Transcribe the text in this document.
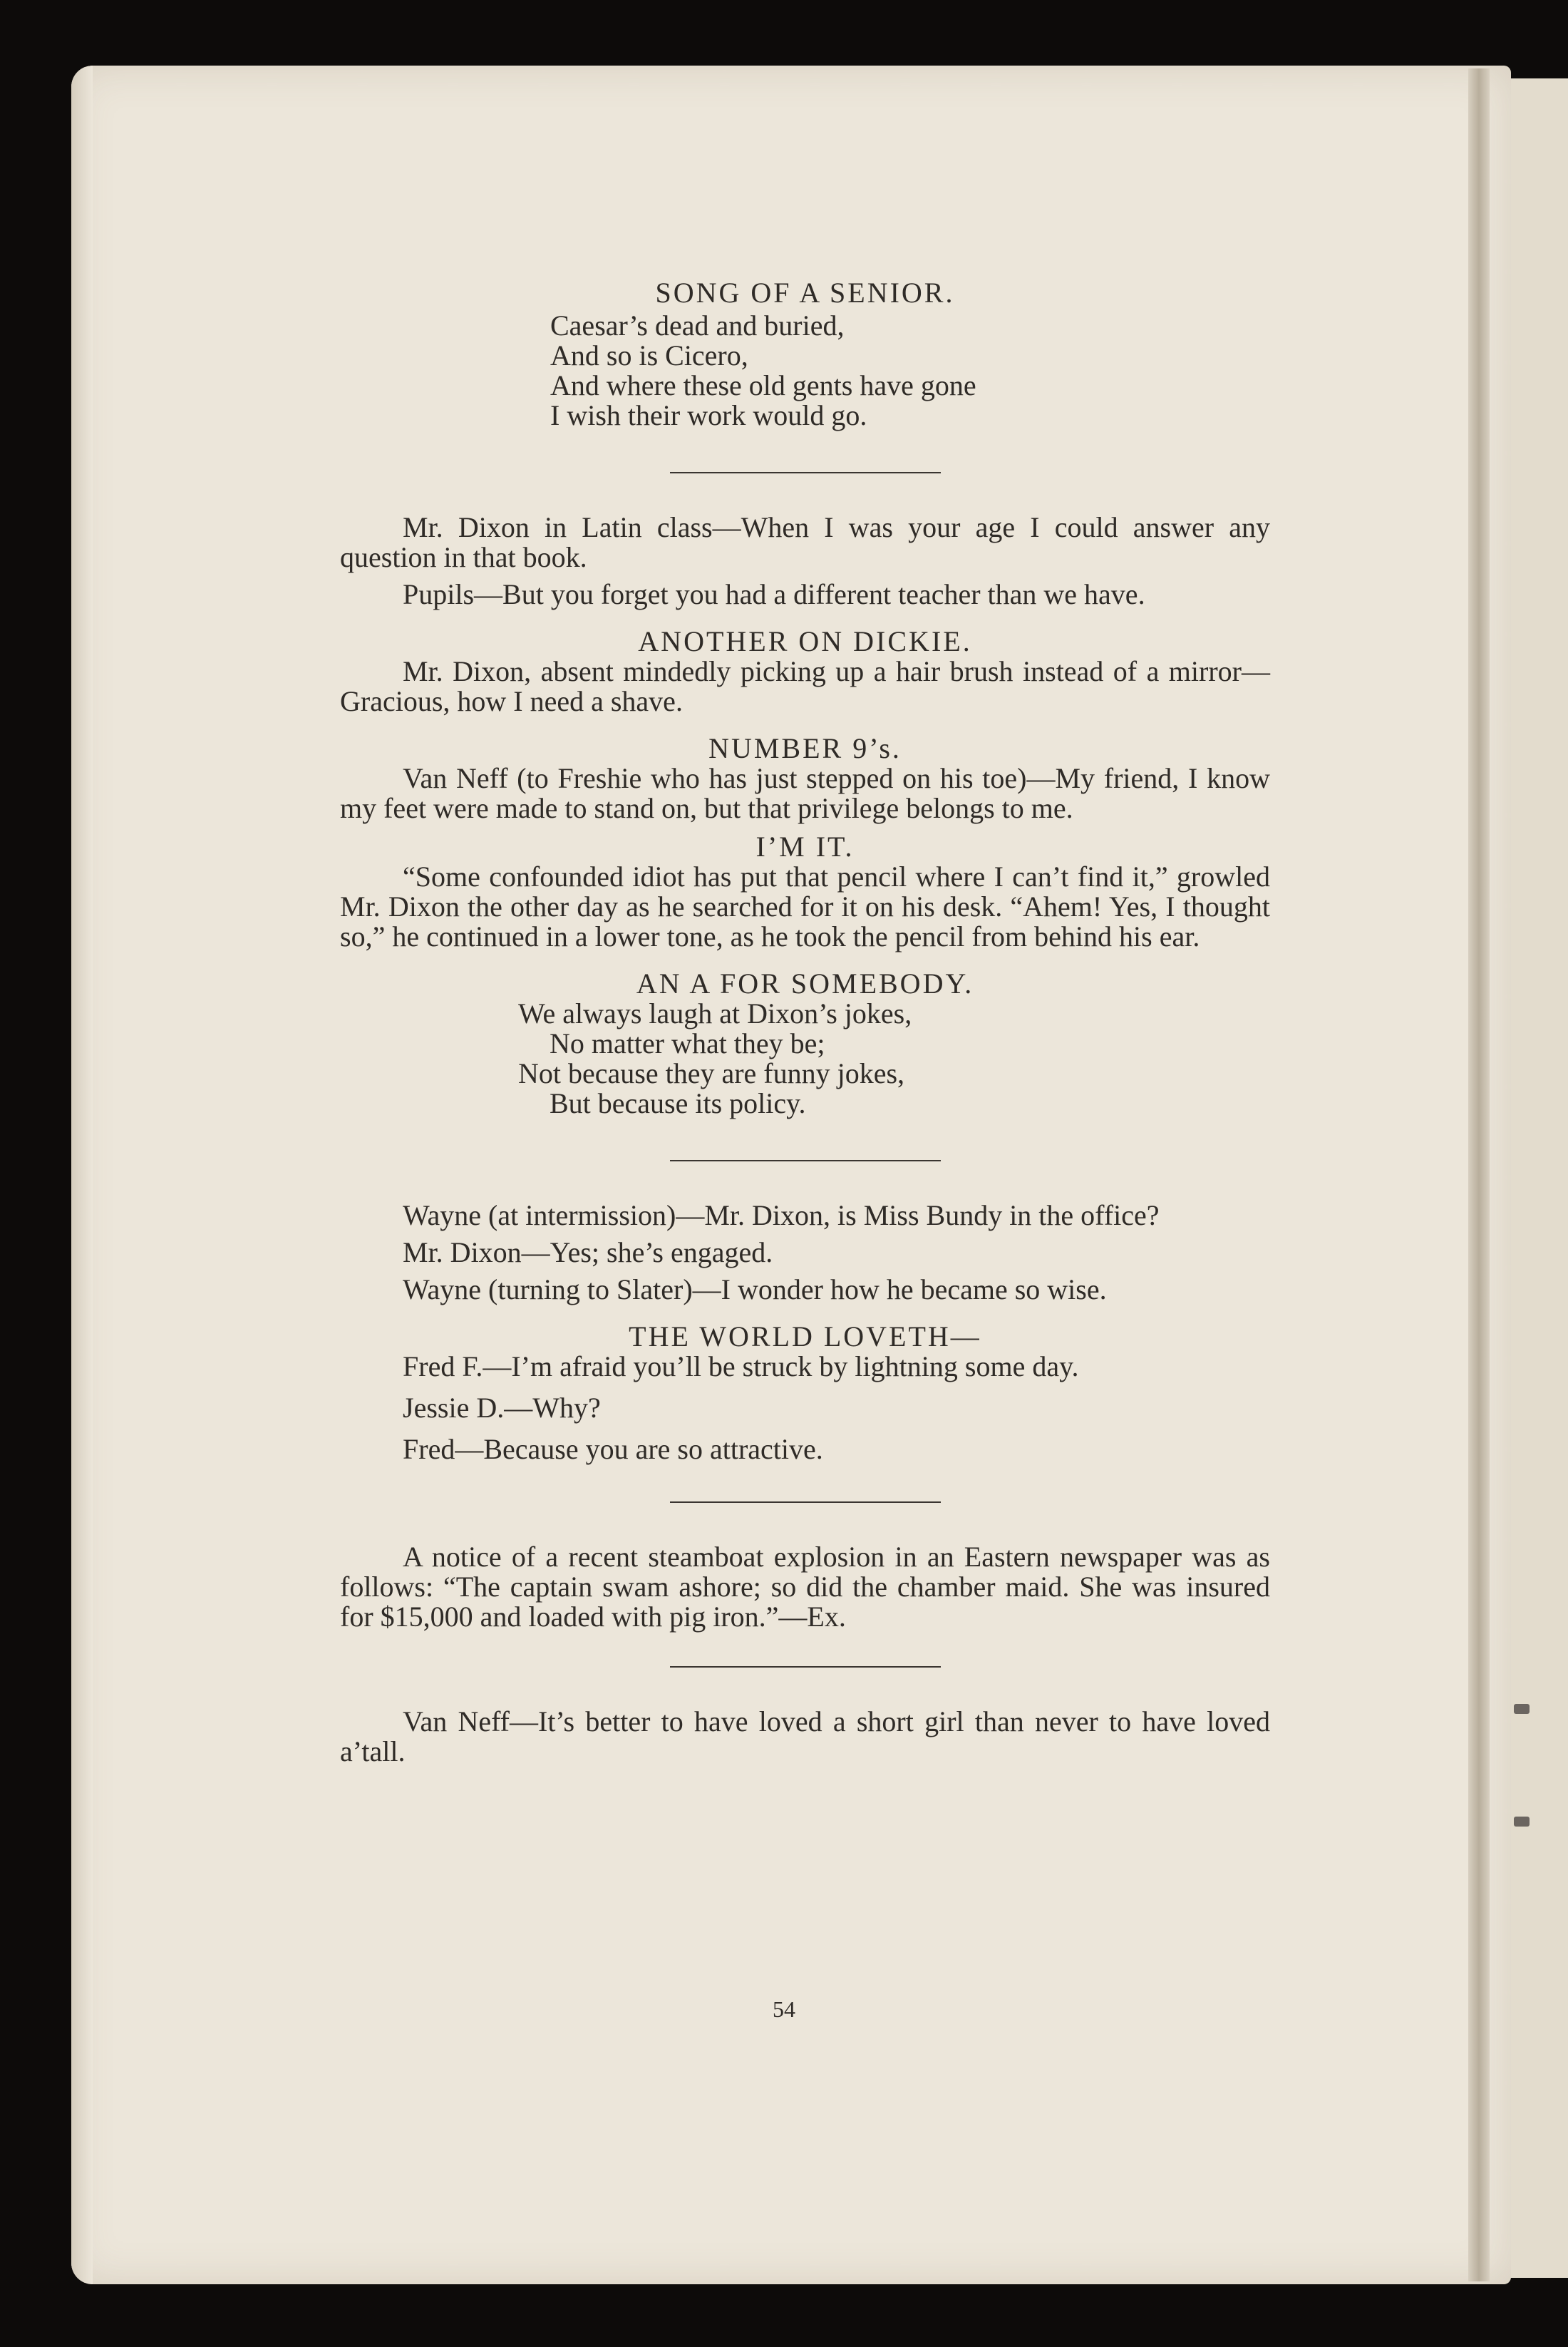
SONG OF A SENIOR.
Caesar’s dead and buried,
And so is Cicero,
And where these old gents have gone
I wish their work would go.

Mr. Dixon in Latin class—When I was your age I could answer any question in that book.

Pupils—But you forget you had a different teacher than we have.

ANOTHER ON DICKIE.

Mr. Dixon, absent mindedly picking up a hair brush instead of a mirror—Gracious, how I need a shave.

NUMBER 9’s.

Van Neff (to Freshie who has just stepped on his toe)—My friend, I know my feet were made to stand on, but that privilege belongs to me.

I’M IT.

“Some confounded idiot has put that pencil where I can’t find it,” growled Mr. Dixon the other day as he searched for it on his desk. “Ahem! Yes, I thought so,” he continued in a lower tone, as he took the pencil from behind his ear.

AN A FOR SOMEBODY.
We always laugh at Dixon’s jokes,
No matter what they be;
Not because they are funny jokes,
But because its policy.

Wayne (at intermission)—Mr. Dixon, is Miss Bundy in the office?

Mr. Dixon—Yes; she’s engaged.

Wayne (turning to Slater)—I wonder how he became so wise.

THE WORLD LOVETH—

Fred F.—I’m afraid you’ll be struck by lightning some day.

Jessie D.—Why?

Fred—Because you are so attractive.

A notice of a recent steamboat explosion in an Eastern newspaper was as follows: “The captain swam ashore; so did the chamber maid. She was insured for $15,000 and loaded with pig iron.”—Ex.

Van Neff—It’s better to have loved a short girl than never to have loved a’tall.

54
